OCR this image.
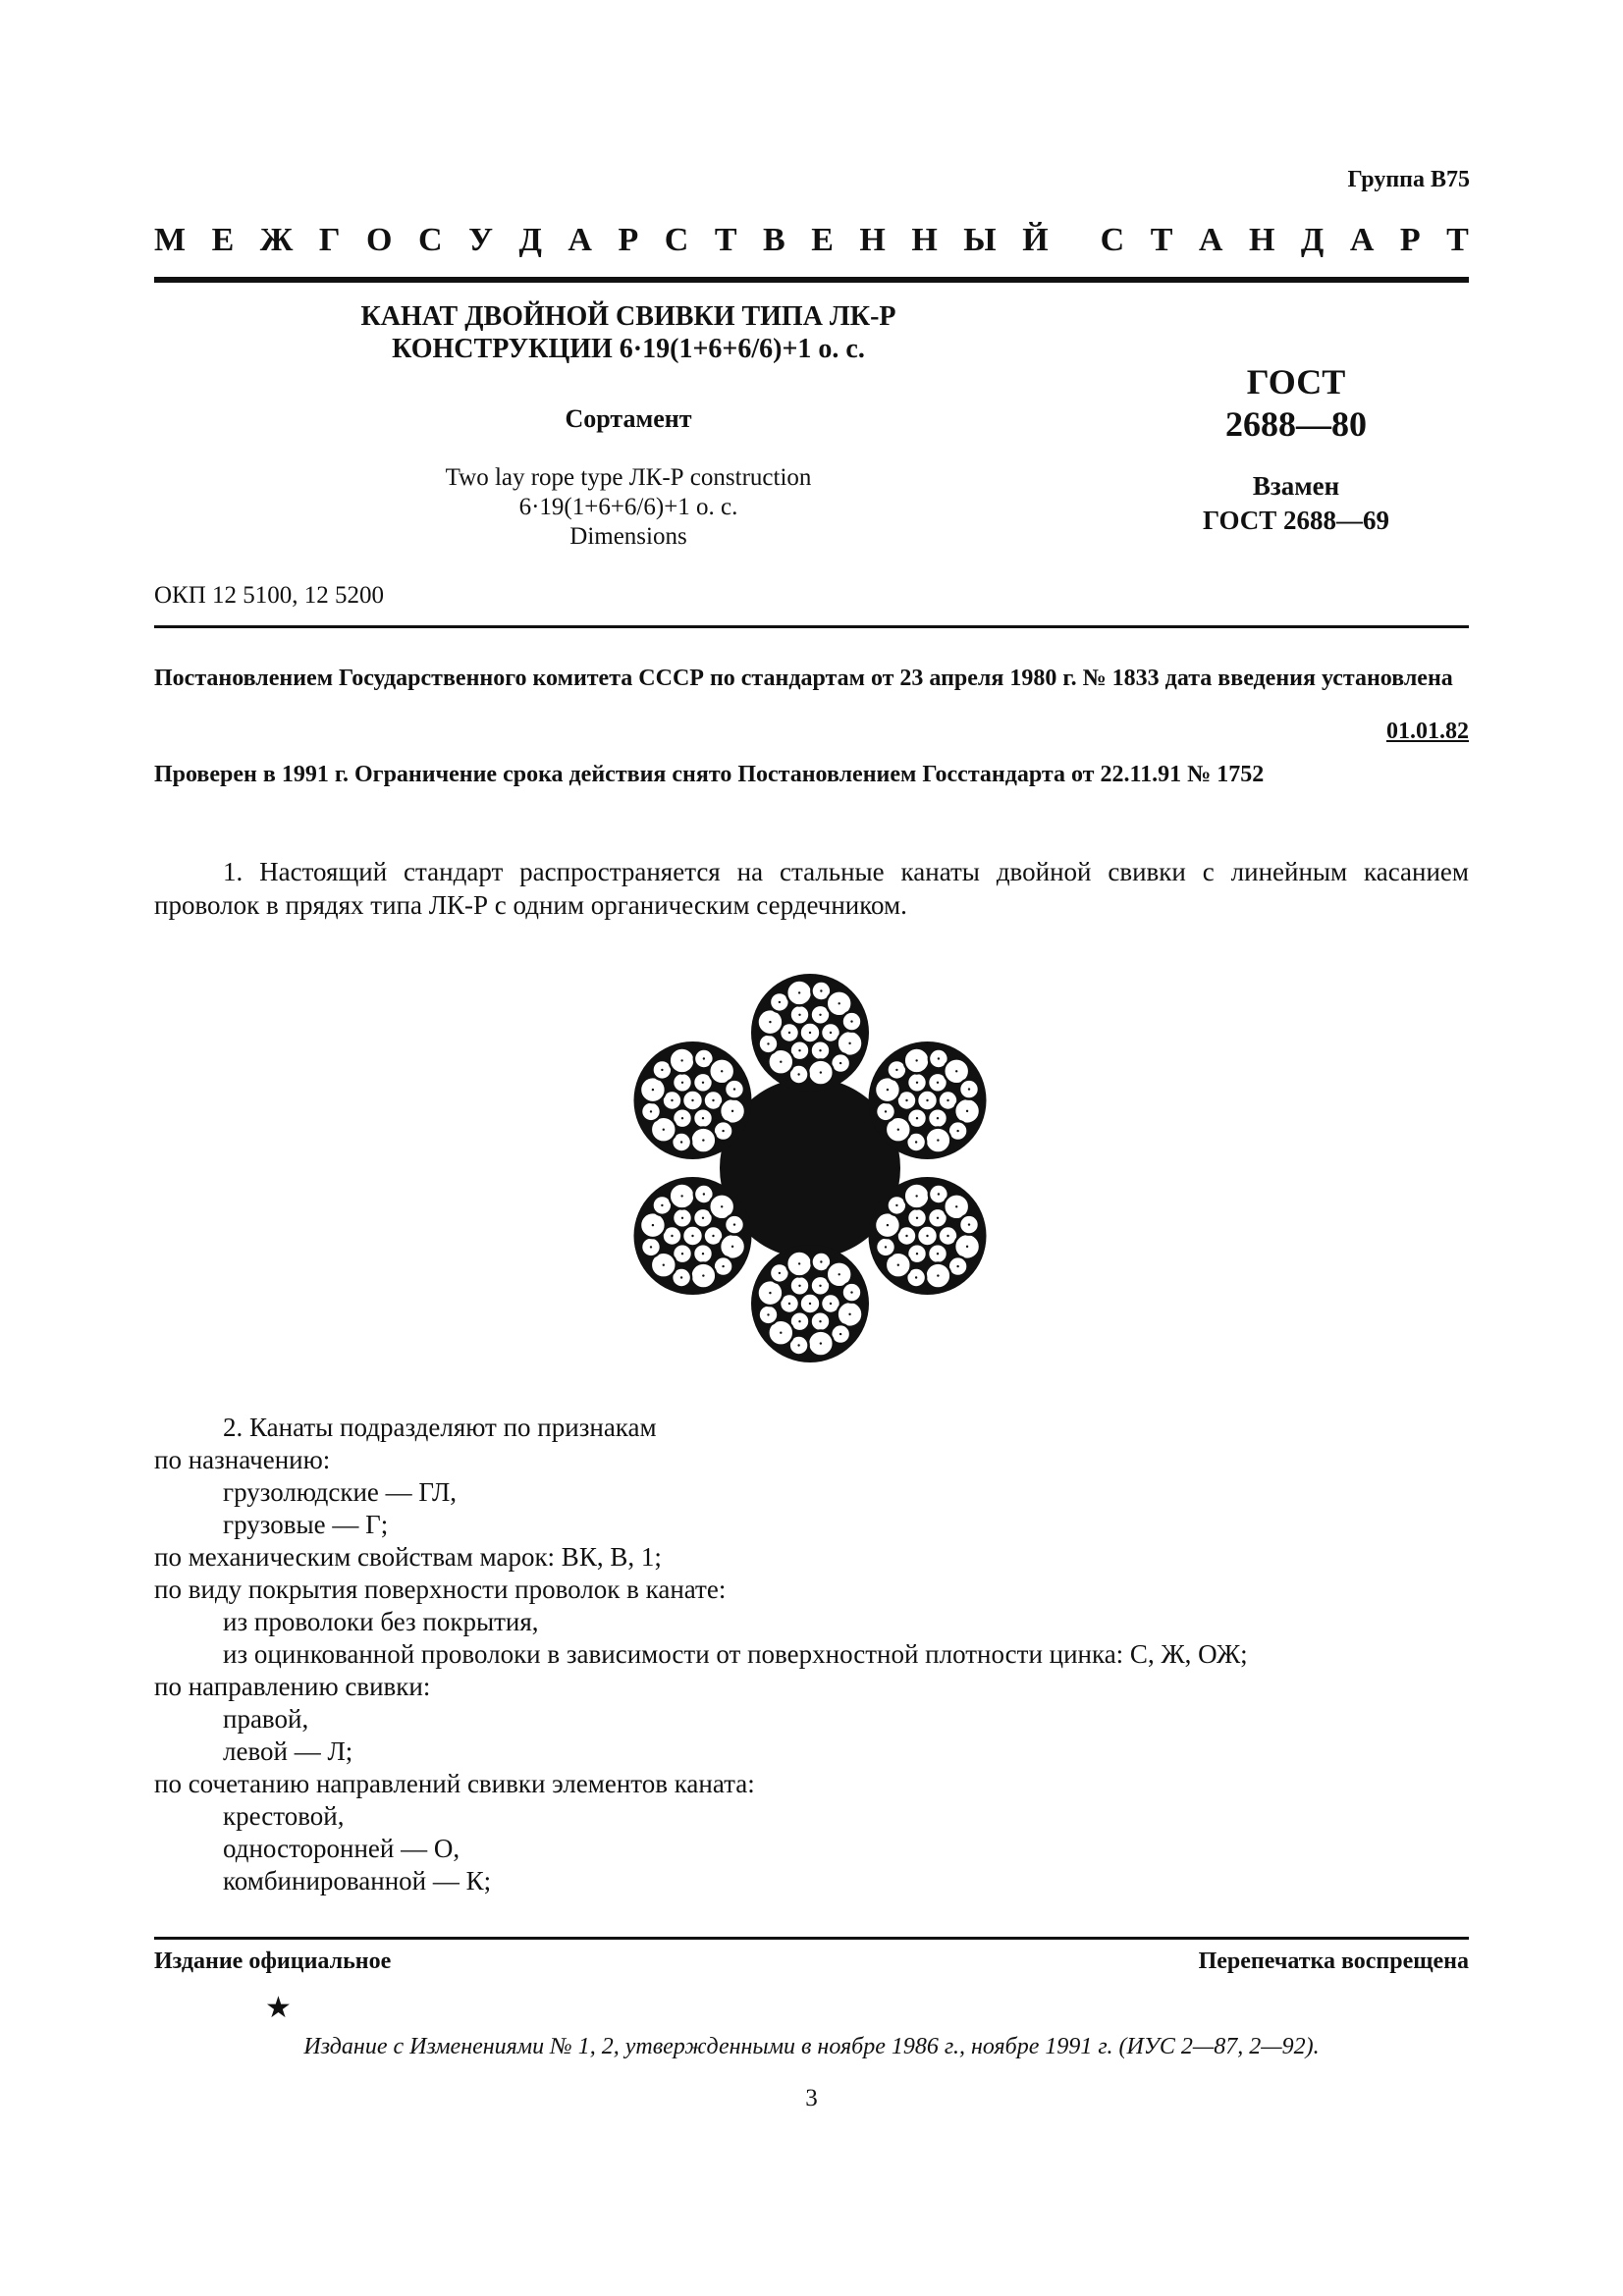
Группа В75
М Е Ж Г О С У Д А Р С Т В Е Н Н Ы Й С Т А Н Д А Р Т
КАНАТ ДВОЙНОЙ СВИВКИ ТИПА ЛК-Р
КОНСТРУКЦИИ 6·19(1+6+6/6)+1 о. с.
Сортамент
Two lay rope type ЛК-Р construction
6·19(1+6+6/6)+1 о. с.
Dimensions
ГОСТ
2688—80
Взамен
ГОСТ 2688—69
ОКП 12 5100, 12 5200
Постановлением Государственного комитета СССР по стандартам от 23 апреля 1980 г. № 1833 дата введения установлена
01.01.82
Проверен в 1991 г. Ограничение срока действия снято Постановлением Госстандарта от 22.11.91 № 1752
1. Настоящий стандарт распространяется на стальные канаты двойной свивки с линейным касанием проволок в прядях типа ЛК-Р с одним органическим сердечником.
2. Канаты подразделяют по признакам
по назначению:
грузолюдские — ГЛ,
грузовые — Г;
по механическим свойствам марок: ВК, В, 1;
по виду покрытия поверхности проволок в канате:
из проволоки без покрытия,
из оцинкованной проволоки в зависимости от поверхностной плотности цинка: С, Ж, ОЖ;
по направлению свивки:
правой,
левой — Л;
по сочетанию направлений свивки элементов каната:
крестовой,
односторонней — О,
комбинированной — К;
Издание официальное	Перепечатка воспрещена
★
Издание с Изменениями № 1, 2, утвержденными в ноябре 1986 г., ноябре 1991 г. (ИУС 2—87, 2—92).
3
